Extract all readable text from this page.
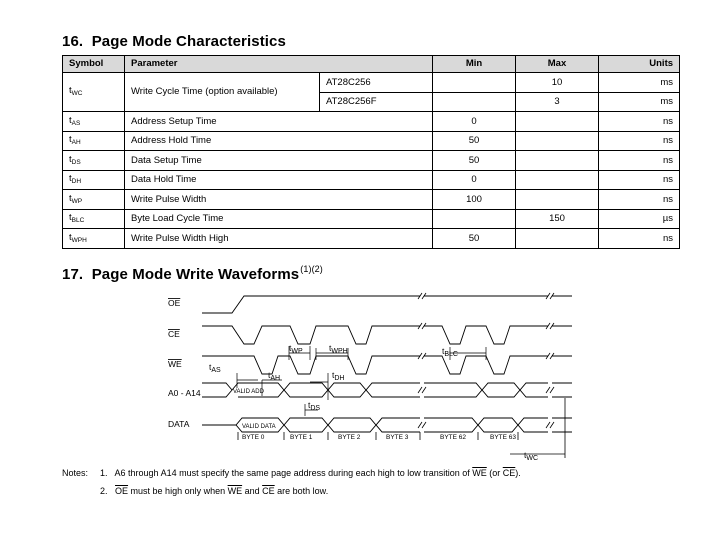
16. Page Mode Characteristics
Symbol	Parameter		Min	Max	Units
$t_{WC}$	Write Cycle Time (option available)	AT28C256		10	ms
		AT28C256F		3	ms
$t_{AS}$	Address Setup Time		0		ns
$t_{AH}$	Address Hold Time		50		ns
$t_{DS}$	Data Setup Time		50		ns
$t_{DH}$	Data Hold Time		0		ns
$t_{WP}$	Write Pulse Width		100		ns
$t_{BLC}$	Byte Load Cycle Time			150	µs
$t_{WPH}$	Write Pulse Width High		50		ns
17. Page Mode Write Waveforms$^{(1)(2)}$
OE
CE
WE
A0 - A14
DATA
VALID ADD
VALID DATA
$t_{WP}$	$t_{WPH}$	$t_{BLC}$
$t_{AS}$	$t_{AH}$	$t_{DH}$
$t_{DS}$
$t_{WC}$
BYTE 0	BYTE 1	BYTE 2	BYTE 3	BYTE 62	BYTE 63
Notes: 1. A6 through A14 must specify the same page address during each high to low transition of $\overline{WE}$ (or $\overline{CE}$).
2. $\overline{OE}$ must be high only when $\overline{WE}$ and $\overline{CE}$ are both low.
